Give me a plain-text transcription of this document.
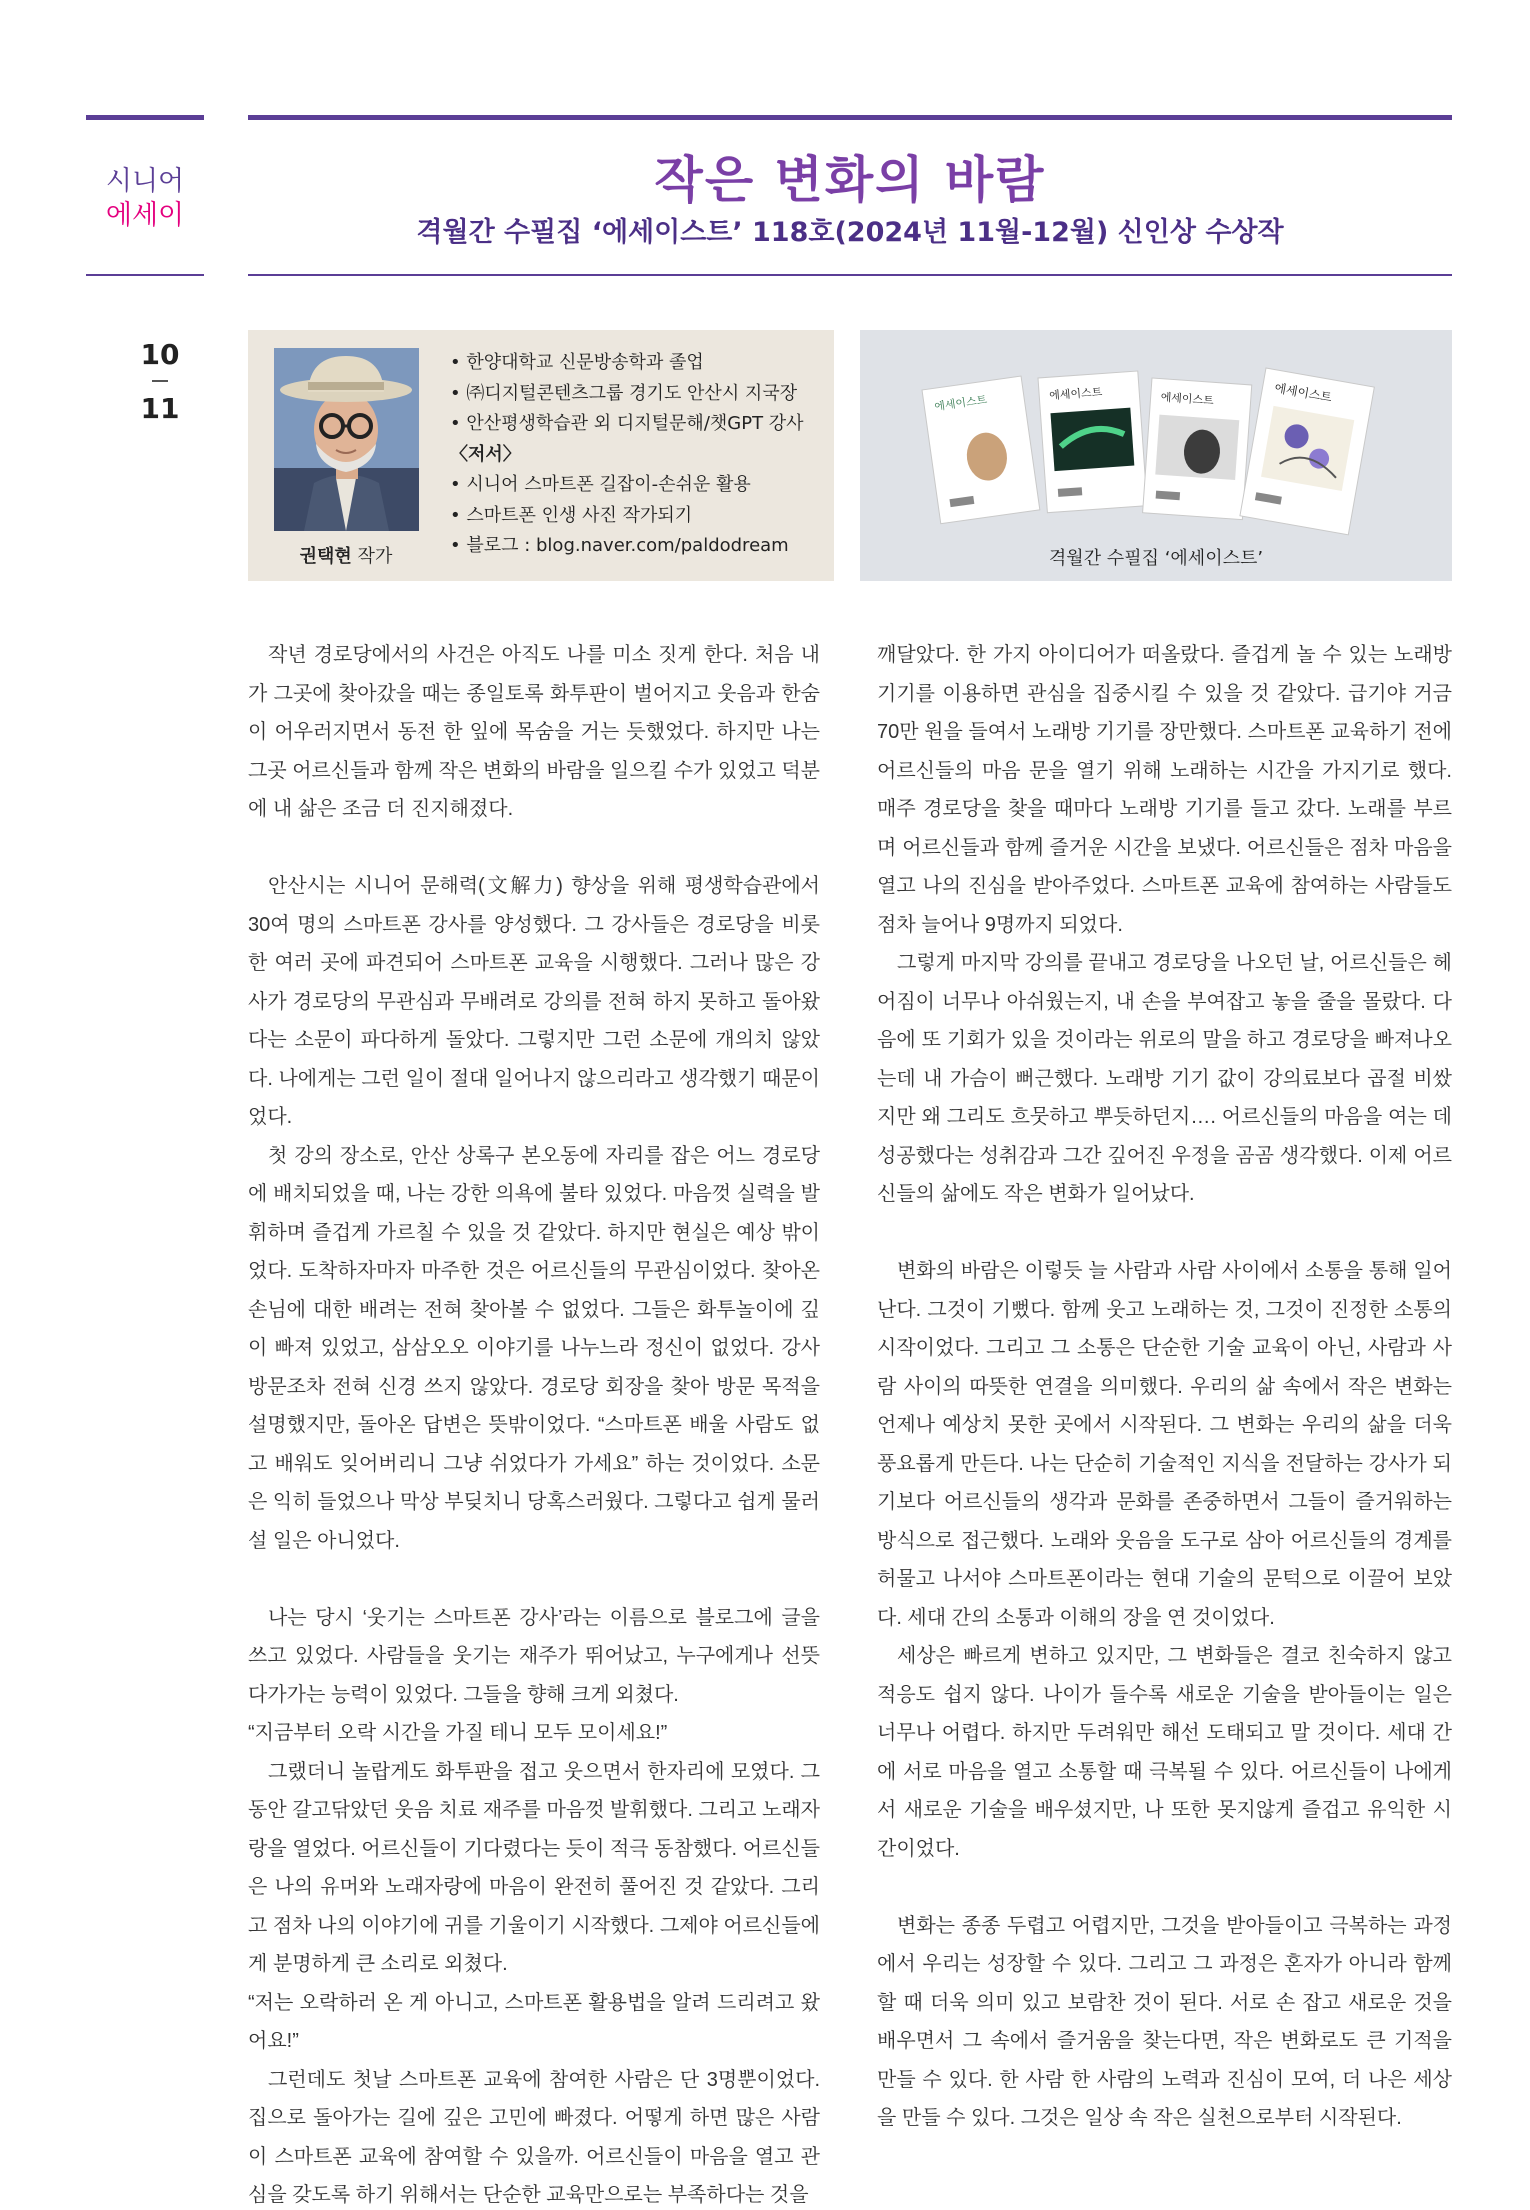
시니어
에세이
작은 변화의 바람
격월간 수필집 ‘에세이스트’ 118호(2024년 11월-12월) 신인상 수상작
10
11
권택현 작가
• 한양대학교 신문방송학과 졸업
• ㈜디지털콘텐츠그룹 경기도 안산시 지국장
• 안산평생학습관 외 디지털문해/챗GPT 강사
〈저서〉
• 시니어 스마트폰 길잡이-손쉬운 활용
• 스마트폰 인생 사진 작가되기
• 블로그 : blog.naver.com/paldodream
에세이스트	에세이스트	에세이스트	에세이스트
격월간 수필집 ‘에세이스트’

작년 경로당에서의 사건은 아직도 나를 미소 짓게 한다. 처음 내가 그곳에 찾아갔을 때는 종일토록 화투판이 벌어지고 웃음과 한숨이 어우러지면서 동전 한 잎에 목숨을 거는 듯했었다. 하지만 나는 그곳 어르신들과 함께 작은 변화의 바람을 일으킬 수가 있었고 덕분에 내 삶은 조금 더 진지해졌다.

안산시는 시니어 문해력(文解力) 향상을 위해 평생학습관에서 30여 명의 스마트폰 강사를 양성했다. 그 강사들은 경로당을 비롯한 여러 곳에 파견되어 스마트폰 교육을 시행했다. 그러나 많은 강사가 경로당의 무관심과 무배려로 강의를 전혀 하지 못하고 돌아왔다는 소문이 파다하게 돌았다. 그렇지만 그런 소문에 개의치 않았다. 나에게는 그런 일이 절대 일어나지 않으리라고 생각했기 때문이었다.

첫 강의 장소로, 안산 상록구 본오동에 자리를 잡은 어느 경로당에 배치되었을 때, 나는 강한 의욕에 불타 있었다. 마음껏 실력을 발휘하며 즐겁게 가르칠 수 있을 것 같았다. 하지만 현실은 예상 밖이었다. 도착하자마자 마주한 것은 어르신들의 무관심이었다. 찾아온 손님에 대한 배려는 전혀 찾아볼 수 없었다. 그들은 화투놀이에 깊이 빠져 있었고, 삼삼오오 이야기를 나누느라 정신이 없었다. 강사 방문조차 전혀 신경 쓰지 않았다. 경로당 회장을 찾아 방문 목적을 설명했지만, 돌아온 답변은 뜻밖이었다. “스마트폰 배울 사람도 없고 배워도 잊어버리니 그냥 쉬었다가 가세요” 하는 것이었다. 소문은 익히 들었으나 막상 부딪치니 당혹스러웠다. 그렇다고 쉽게 물러설 일은 아니었다.

나는 당시 ‘웃기는 스마트폰 강사’라는 이름으로 블로그에 글을 쓰고 있었다. 사람들을 웃기는 재주가 뛰어났고, 누구에게나 선뜻 다가가는 능력이 있었다. 그들을 향해 크게 외쳤다.

“지금부터 오락 시간을 가질 테니 모두 모이세요!”

그랬더니 놀랍게도 화투판을 접고 웃으면서 한자리에 모였다. 그동안 갈고닦았던 웃음 치료 재주를 마음껏 발휘했다. 그리고 노래자랑을 열었다. 어르신들이 기다렸다는 듯이 적극 동참했다. 어르신들은 나의 유머와 노래자랑에 마음이 완전히 풀어진 것 같았다. 그리고 점차 나의 이야기에 귀를 기울이기 시작했다. 그제야 어르신들에게 분명하게 큰 소리로 외쳤다.

“저는 오락하러 온 게 아니고, 스마트폰 활용법을 알려 드리려고 왔어요!”

그런데도 첫날 스마트폰 교육에 참여한 사람은 단 3명뿐이었다. 집으로 돌아가는 길에 깊은 고민에 빠졌다. 어떻게 하면 많은 사람이 스마트폰 교육에 참여할 수 있을까. 어르신들이 마음을 열고 관심을 갖도록 하기 위해서는 단순한 교육만으로는 부족하다는 것을

깨달았다. 한 가지 아이디어가 떠올랐다. 즐겁게 놀 수 있는 노래방 기기를 이용하면 관심을 집중시킬 수 있을 것 같았다. 급기야 거금 70만 원을 들여서 노래방 기기를 장만했다. 스마트폰 교육하기 전에 어르신들의 마음 문을 열기 위해 노래하는 시간을 가지기로 했다. 매주 경로당을 찾을 때마다 노래방 기기를 들고 갔다. 노래를 부르며 어르신들과 함께 즐거운 시간을 보냈다. 어르신들은 점차 마음을 열고 나의 진심을 받아주었다. 스마트폰 교육에 참여하는 사람들도 점차 늘어나 9명까지 되었다.

그렇게 마지막 강의를 끝내고 경로당을 나오던 날, 어르신들은 헤어짐이 너무나 아쉬웠는지, 내 손을 부여잡고 놓을 줄을 몰랐다. 다음에 또 기회가 있을 것이라는 위로의 말을 하고 경로당을 빠져나오는데 내 가슴이 뻐근했다. 노래방 기기 값이 강의료보다 곱절 비쌌지만 왜 그리도 흐뭇하고 뿌듯하던지…. 어르신들의 마음을 여는 데 성공했다는 성취감과 그간 깊어진 우정을 곰곰 생각했다. 이제 어르신들의 삶에도 작은 변화가 일어났다.

변화의 바람은 이렇듯 늘 사람과 사람 사이에서 소통을 통해 일어난다. 그것이 기뻤다. 함께 웃고 노래하는 것, 그것이 진정한 소통의 시작이었다. 그리고 그 소통은 단순한 기술 교육이 아닌, 사람과 사람 사이의 따뜻한 연결을 의미했다. 우리의 삶 속에서 작은 변화는 언제나 예상치 못한 곳에서 시작된다. 그 변화는 우리의 삶을 더욱 풍요롭게 만든다. 나는 단순히 기술적인 지식을 전달하는 강사가 되기보다 어르신들의 생각과 문화를 존중하면서 그들이 즐거워하는 방식으로 접근했다. 노래와 웃음을 도구로 삼아 어르신들의 경계를 허물고 나서야 스마트폰이라는 현대 기술의 문턱으로 이끌어 보았다. 세대 간의 소통과 이해의 장을 연 것이었다.

세상은 빠르게 변하고 있지만, 그 변화들은 결코 친숙하지 않고 적응도 쉽지 않다. 나이가 들수록 새로운 기술을 받아들이는 일은 너무나 어렵다. 하지만 두려워만 해선 도태되고 말 것이다. 세대 간에 서로 마음을 열고 소통할 때 극복될 수 있다. 어르신들이 나에게서 새로운 기술을 배우셨지만, 나 또한 못지않게 즐겁고 유익한 시간이었다.

변화는 종종 두렵고 어렵지만, 그것을 받아들이고 극복하는 과정에서 우리는 성장할 수 있다. 그리고 그 과정은 혼자가 아니라 함께할 때 더욱 의미 있고 보람찬 것이 된다. 서로 손 잡고 새로운 것을 배우면서 그 속에서 즐거움을 찾는다면, 작은 변화로도 큰 기적을 만들 수 있다. 한 사람 한 사람의 노력과 진심이 모여, 더 나은 세상을 만들 수 있다. 그것은 일상 속 작은 실천으로부터 시작된다.
